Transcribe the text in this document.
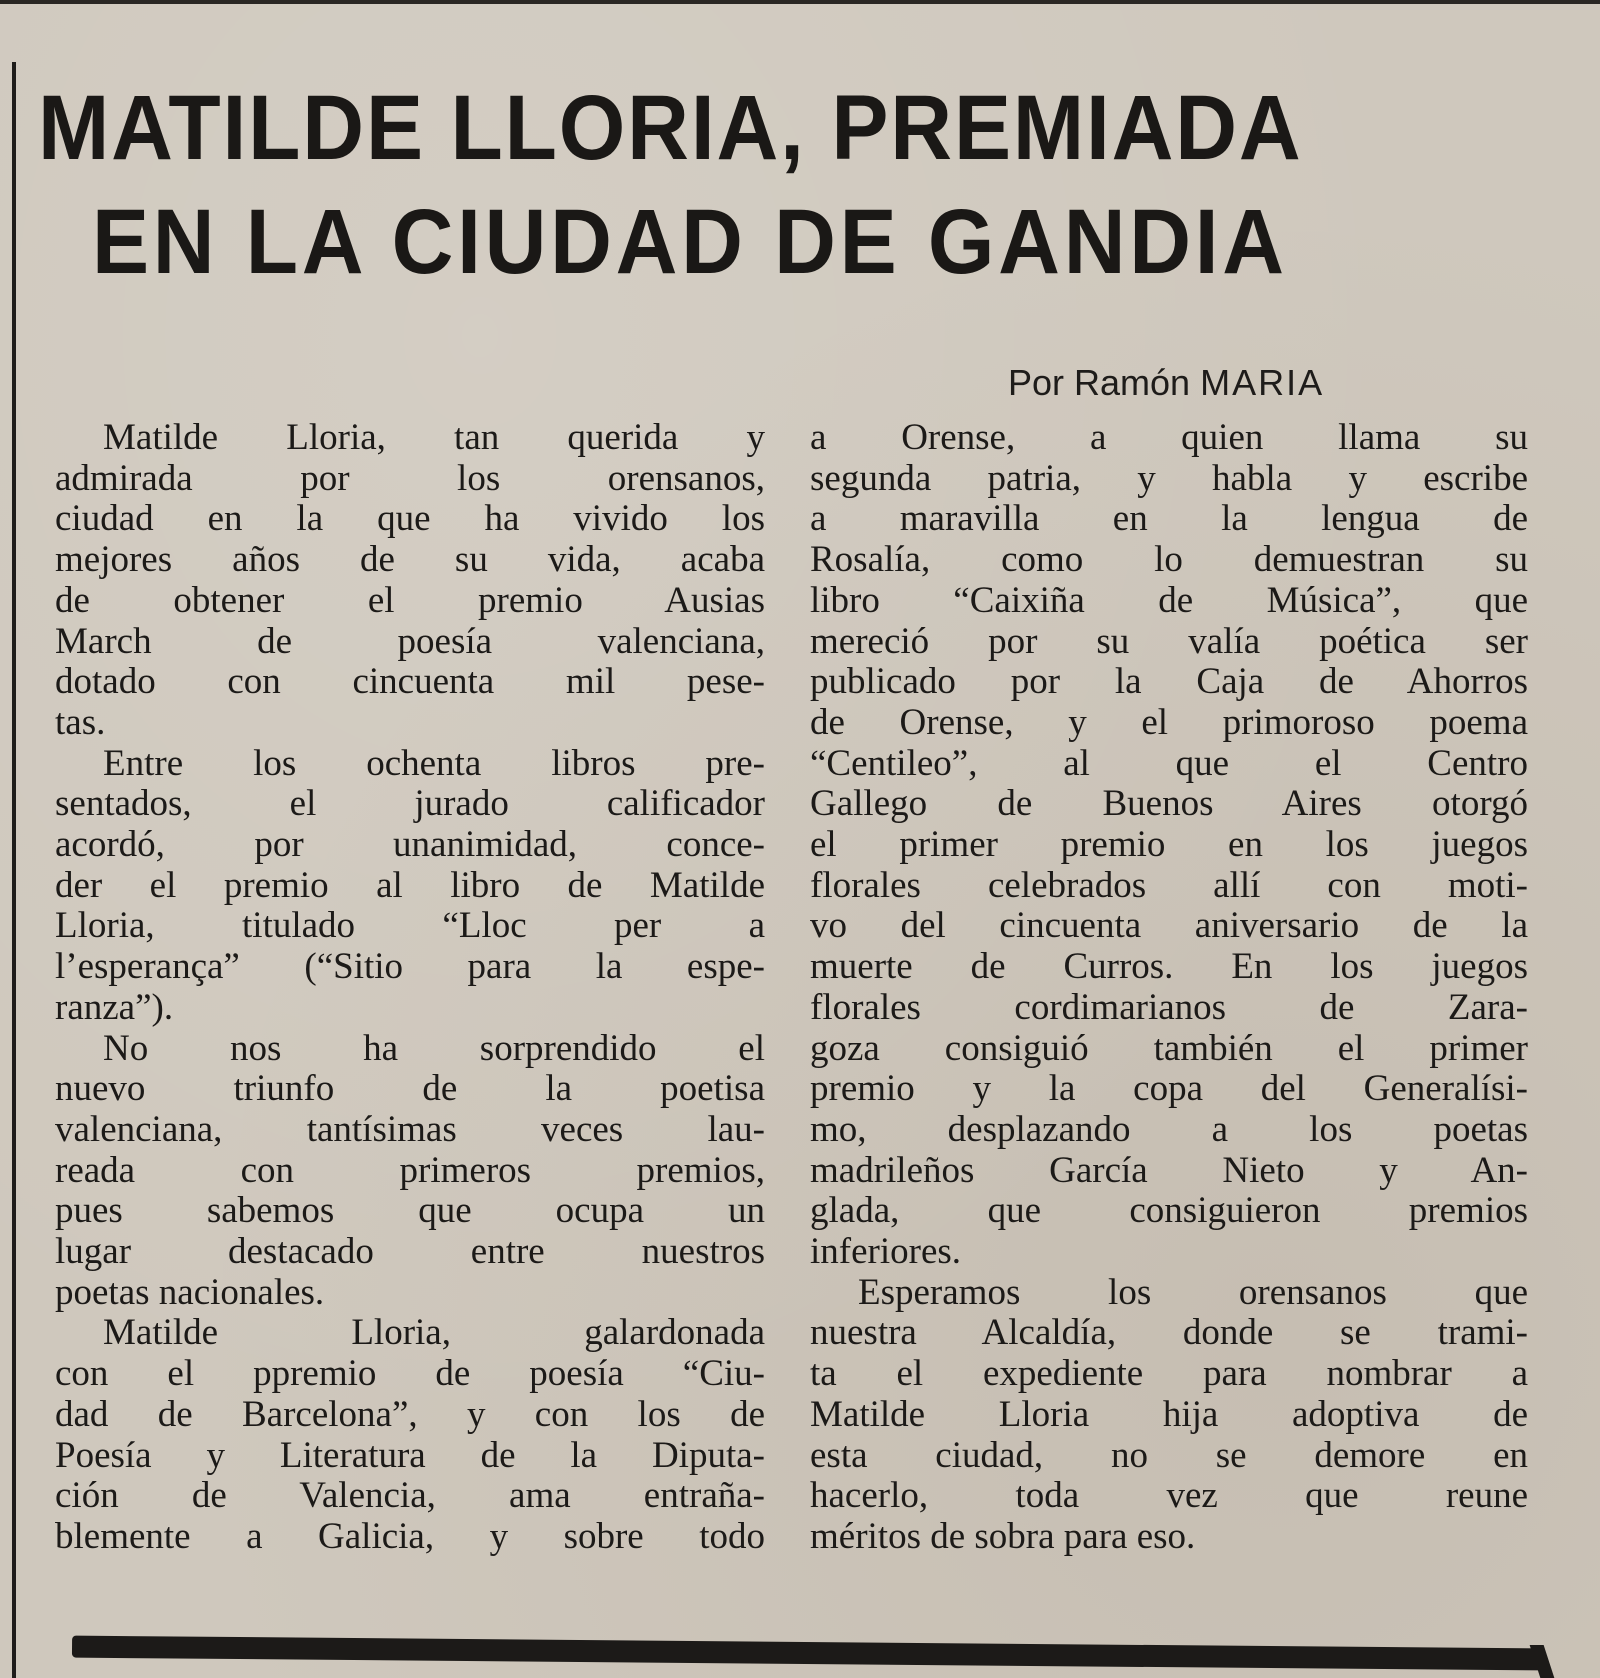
MATILDE LLORIA, PREMIADA
EN LA CIUDAD DE GANDIA
Por Ramón MARIA
Matilde Lloria, tan querida y
admirada por los orensanos,
ciudad en la que ha vivido los
mejores años de su vida, acaba
de obtener el premio Ausias
March de poesía valenciana,
dotado con cincuenta mil pese-
tas.
Entre los ochenta libros pre-
sentados, el jurado calificador
acordó, por unanimidad, conce-
der el premio al libro de Matilde
Lloria, titulado “Lloc per a
l’esperança” (“Sitio para la espe-
ranza”).
No nos ha sorprendido el
nuevo triunfo de la poetisa
valenciana, tantísimas veces lau-
reada con primeros premios,
pues sabemos que ocupa un
lugar destacado entre nuestros
poetas nacionales.
Matilde Lloria, galardonada
con el ppremio de poesía “Ciu-
dad de Barcelona”, y con los de
Poesía y Literatura de la Diputa-
ción de Valencia, ama entraña-
blemente a Galicia, y sobre todo
a Orense, a quien llama su
segunda patria, y habla y escribe
a maravilla en la lengua de
Rosalía, como lo demuestran su
libro “Caixiña de Música”, que
mereció por su valía poética ser
publicado por la Caja de Ahorros
de Orense, y el primoroso poema
“Centileo”, al que el Centro
Gallego de Buenos Aires otorgó
el primer premio en los juegos
florales celebrados allí con moti-
vo del cincuenta aniversario de la
muerte de Curros. En los juegos
florales cordimarianos de Zara-
goza consiguió también el primer
premio y la copa del Generalísi-
mo, desplazando a los poetas
madrileños García Nieto y An-
glada, que consiguieron premios
inferiores.
Esperamos los orensanos que
nuestra Alcaldía, donde se trami-
ta el expediente para nombrar a
Matilde Lloria hija adoptiva de
esta ciudad, no se demore en
hacerlo, toda vez que reune
méritos de sobra para eso.
